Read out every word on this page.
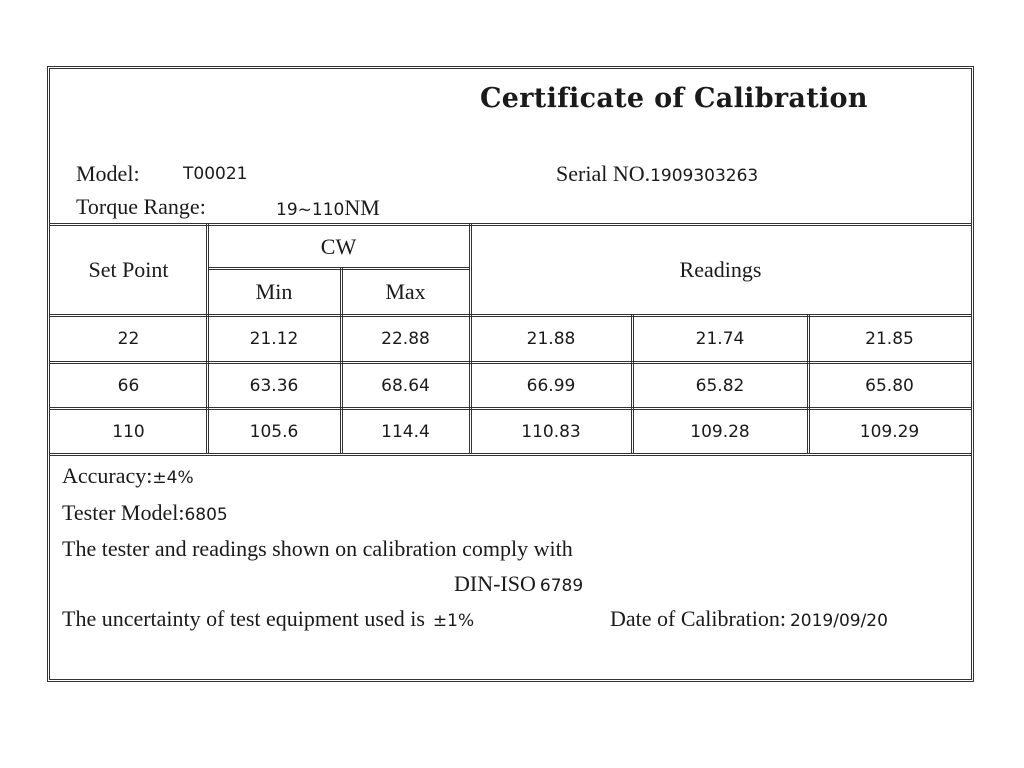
Certificate of Calibration
Model:	T00021	Serial NO.1909303263
Torque Range:	19~110NM
Set Point
CW
Min	Max
Readings
22	21.12	22.88	21.88	21.74	21.85
66	63.36	68.64	66.99	65.82	65.80
110	105.6	114.4	110.83	109.28	109.29
Accuracy:±4%
Tester Model:6805
The tester and readings shown on calibration comply with
DIN-ISO 6789
The uncertainty of test equipment used is ±1%	Date of Calibration: 2019/09/20
